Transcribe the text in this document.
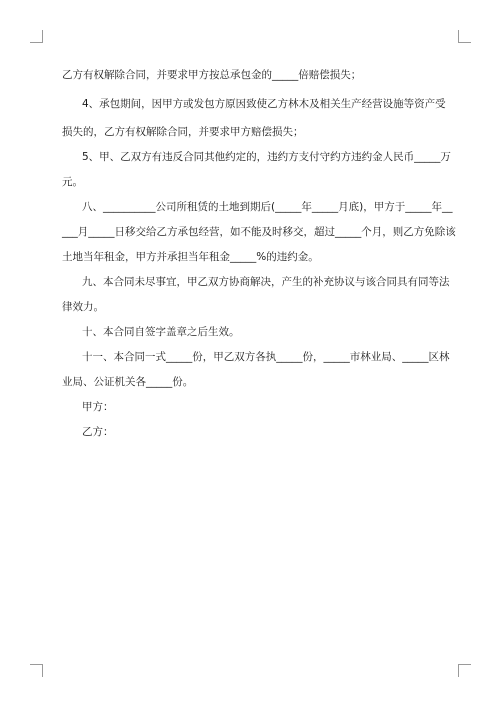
乙方有权解除合同，并要求甲方按总承包金的_____倍赔偿损失；
4、承包期间，因甲方或发包方原因致使乙方林木及相关生产经营设施等资产受
损失的，乙方有权解除合同，并要求甲方赔偿损失；
5、甲、乙双方有违反合同其他约定的，违约方支付守约方违约金人民币_____万
元。
八、__________公司所租赁的土地到期后(_____年_____月底)，甲方于_____年__
___月_____日移交给乙方承包经营，如不能及时移交，超过_____个月，则乙方免除该
土地当年租金，甲方并承担当年租金_____%的违约金。
九、本合同未尽事宜，甲乙双方协商解决，产生的补充协议与该合同具有同等法
律效力。
十、本合同自签字盖章之后生效。
十一、本合同一式_____份，甲乙双方各执_____份，_____市林业局、_____区林
业局、公证机关各_____份。
甲方：
乙方：
